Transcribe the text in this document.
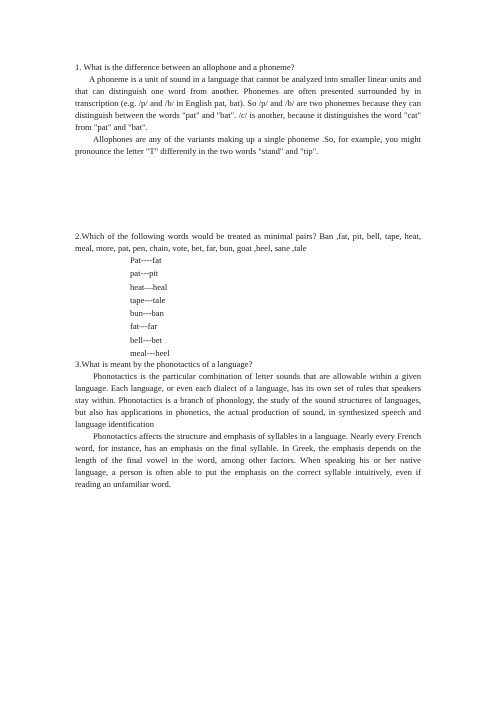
1. What is the difference between an allophone and a phoneme?

A phoneme is a unit of sound in a language that cannot be analyzed into smaller linear units and that can distinguish one word from another. Phonemes are often presented surrounded by in transcription (e.g. /p/ and /b/ in English pat, bat). So /p/ and /b/ are two phonemes because they can distinguish between the words "pat" and "bat". /c/ is another, because it distinguishes the word "cat" from "pat" and "bat".

Allophones are any of the variants making up a single phoneme .So, for example, you might pronounce the letter "T" differently in the two words "stand" and "tip".

2.Which of the following words would be treated as minimal pairs? Ban ,fat, pit, bell, tape, heat, meal, more, pat, pen, chain, vote, bet, far, bun, goat ,heel, sane ,tale

Pat----fat
pat---pit
heat—heal
tape---tale
bun---ban
fat---far
bell---bet
meal---heel

3.What is meant by the phonotactics of a language?

Phonotactics is the particular combination of letter sounds that are allowable within a given language. Each language, or even each dialect of a language, has its own set of rules that speakers stay within. Phonotactics is a branch of phonology, the study of the sound structures of languages, but also has applications in phonetics, the actual production of sound, in synthesized speech and language identification

Phonotactics affects the structure and emphasis of syllables in a language. Nearly every French word, for instance, has an emphasis on the final syllable. In Greek, the emphasis depends on the length of the final vowel in the word, among other factors. When speaking his or her native language, a person is often able to put the emphasis on the correct syllable intuitively, even if reading an unfamiliar word.
